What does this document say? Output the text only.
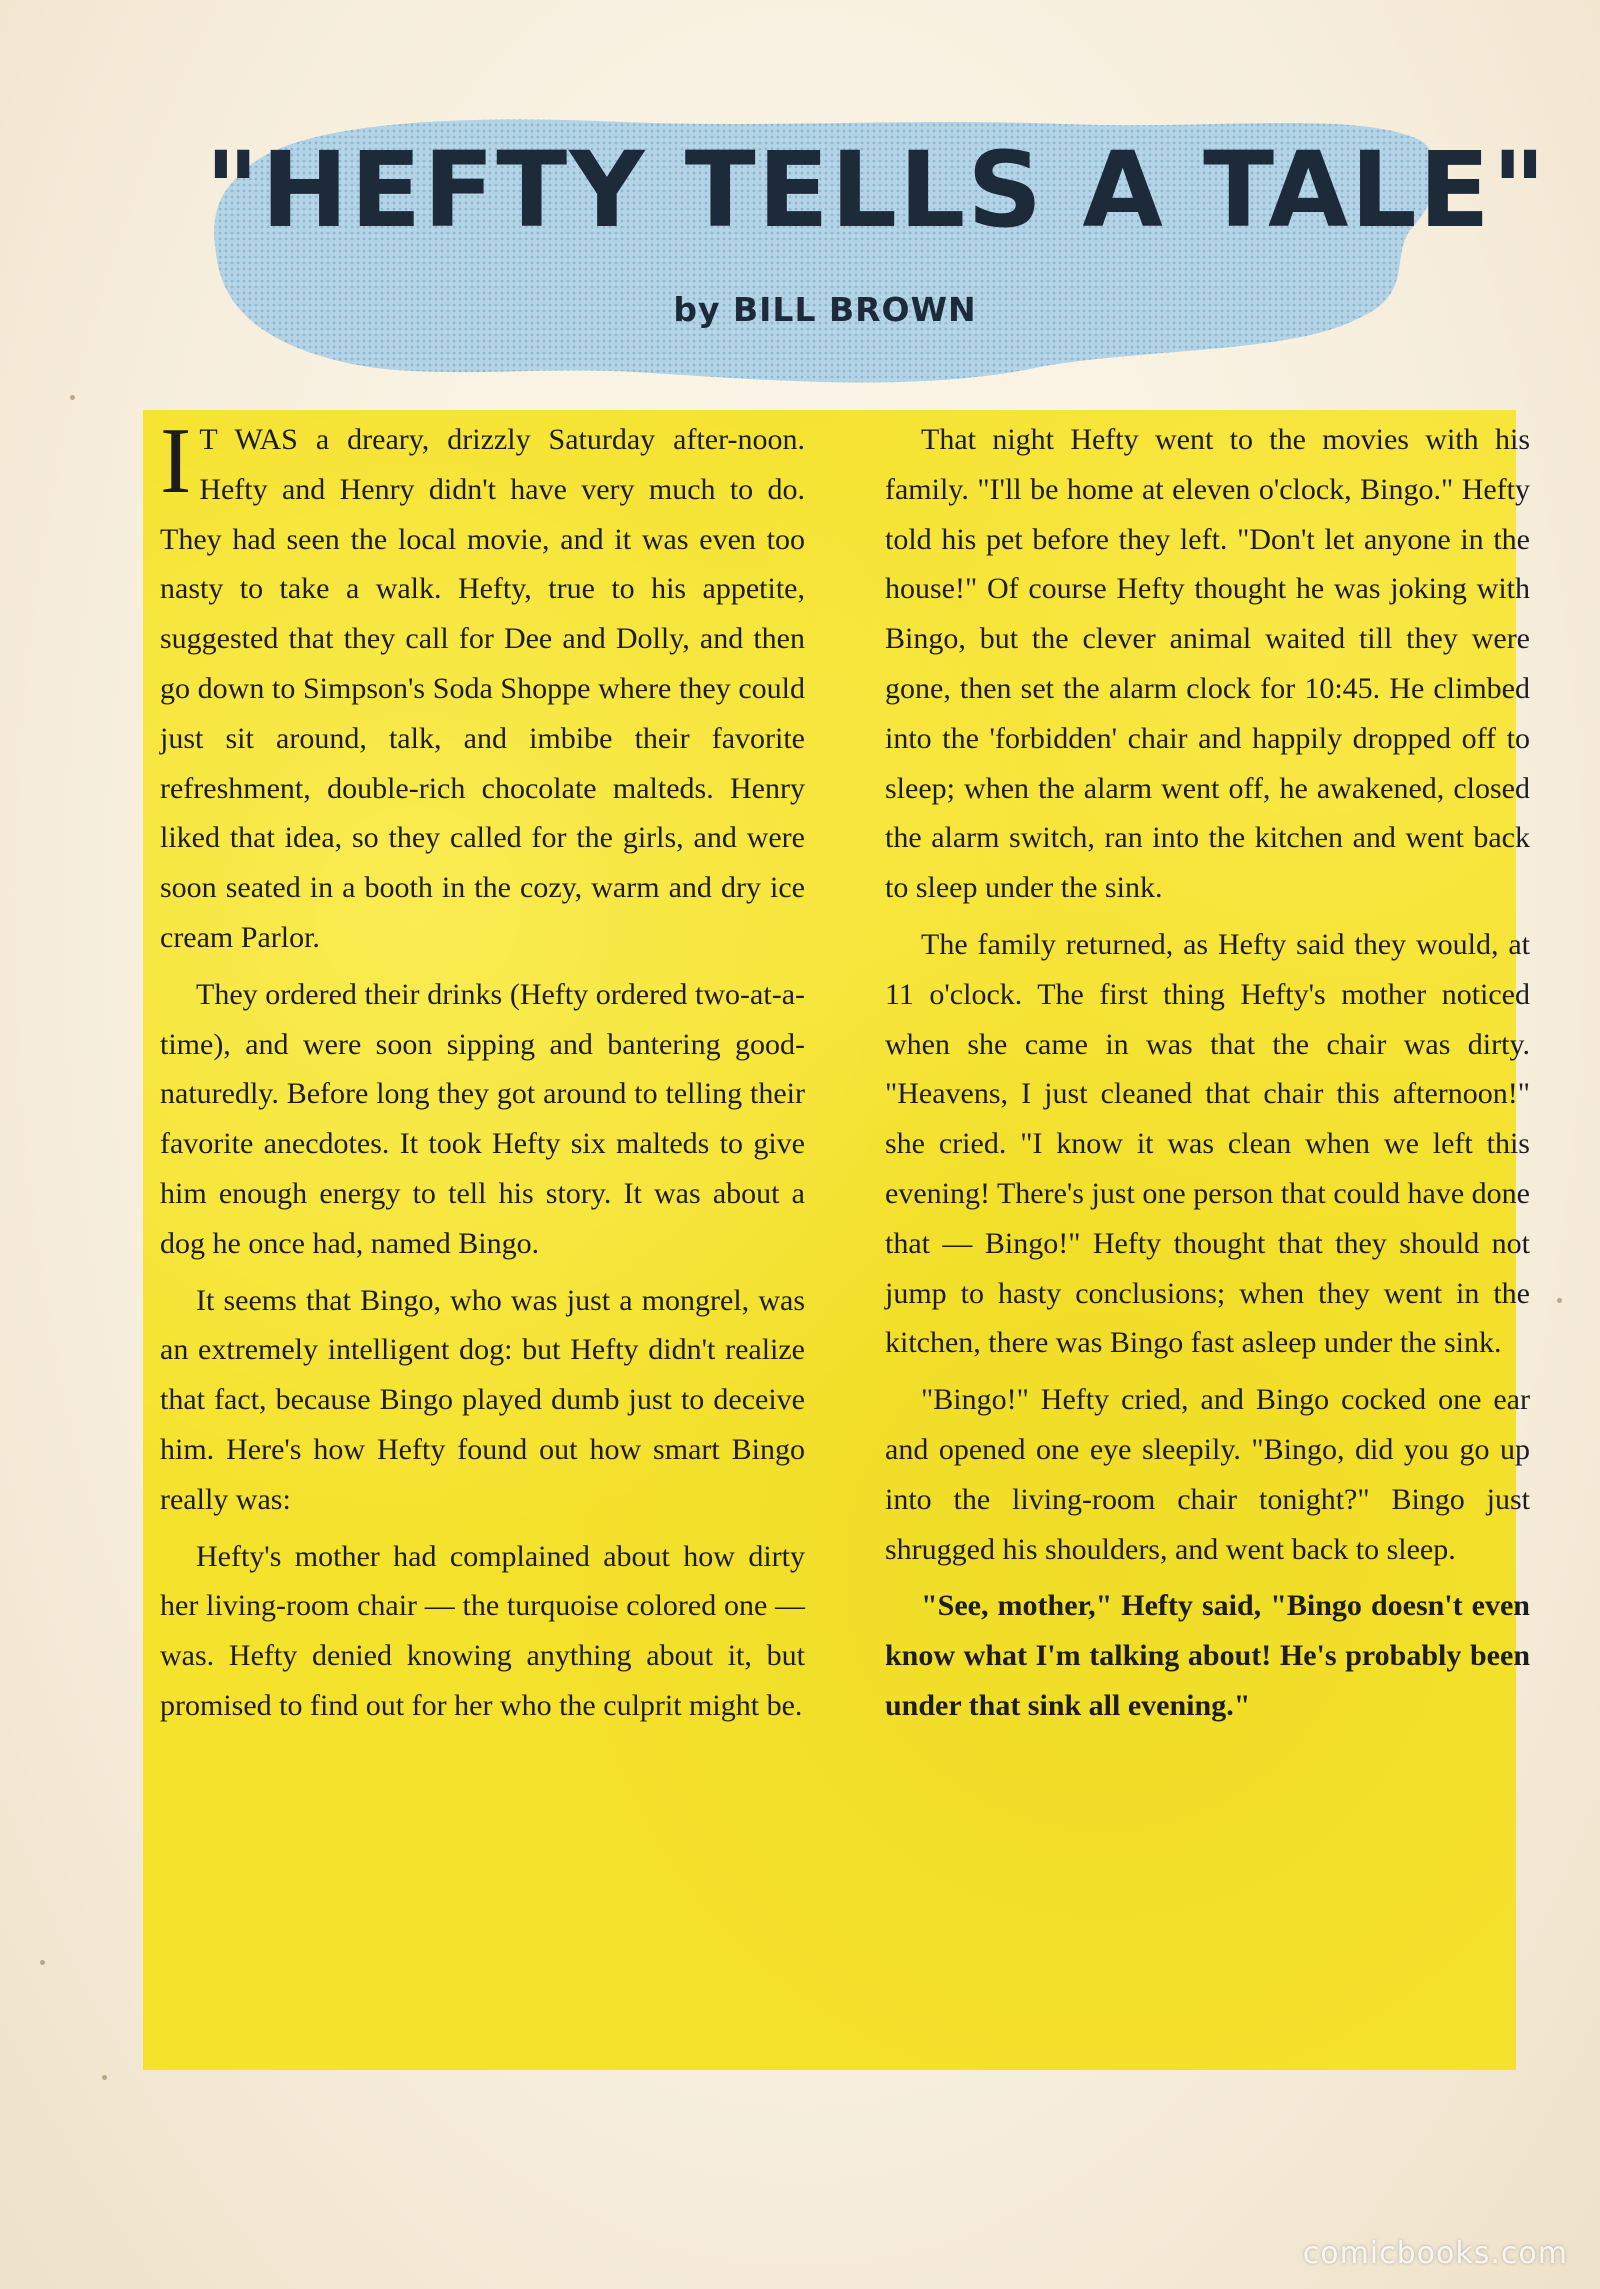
"HEFTY TELLS A TALE"
by BILL BROWN

I T WAS a dreary, drizzly Saturday after-noon. Hefty and Henry didn't have very much to do. They had seen the local movie, and it was even too nasty to take a walk. Hefty, true to his appetite, suggested that they call for Dee and Dolly, and then go down to Simpson's Soda Shoppe where they could just sit around, talk, and imbibe their favorite refreshment, double-rich chocolate malteds. Henry liked that idea, so they called for the girls, and were soon seated in a booth in the cozy, warm and dry ice cream Parlor.

They ordered their drinks (Hefty ordered two-at-a-time), and were soon sipping and bantering good-naturedly. Before long they got around to telling their favorite anecdotes. It took Hefty six malteds to give him enough energy to tell his story. It was about a dog he once had, named Bingo.

It seems that Bingo, who was just a mongrel, was an extremely intelligent dog: but Hefty didn't realize that fact, because Bingo played dumb just to deceive him. Here's how Hefty found out how smart Bingo really was:

Hefty's mother had complained about how dirty her living-room chair — the turquoise colored one — was. Hefty denied knowing anything about it, but promised to find out for her who the culprit might be.

That night Hefty went to the movies with his family. "I'll be home at eleven o'clock, Bingo." Hefty told his pet before they left. "Don't let anyone in the house!" Of course Hefty thought he was joking with Bingo, but the clever animal waited till they were gone, then set the alarm clock for 10:45. He climbed into the 'forbidden' chair and happily dropped off to sleep; when the alarm went off, he awakened, closed the alarm switch, ran into the kitchen and went back to sleep under the sink.

The family returned, as Hefty said they would, at 11 o'clock. The first thing Hefty's mother noticed when she came in was that the chair was dirty. "Heavens, I just cleaned that chair this afternoon!" she cried. "I know it was clean when we left this evening! There's just one person that could have done that — Bingo!" Hefty thought that they should not jump to hasty conclusions; when they went in the kitchen, there was Bingo fast asleep under the sink.

"Bingo!" Hefty cried, and Bingo cocked one ear and opened one eye sleepily. "Bingo, did you go up into the living-room chair tonight?" Bingo just shrugged his shoulders, and went back to sleep.

"See, mother," Hefty said, "Bingo doesn't even know what I'm talking about! He's probably been under that sink all evening."

comicbooks.com
